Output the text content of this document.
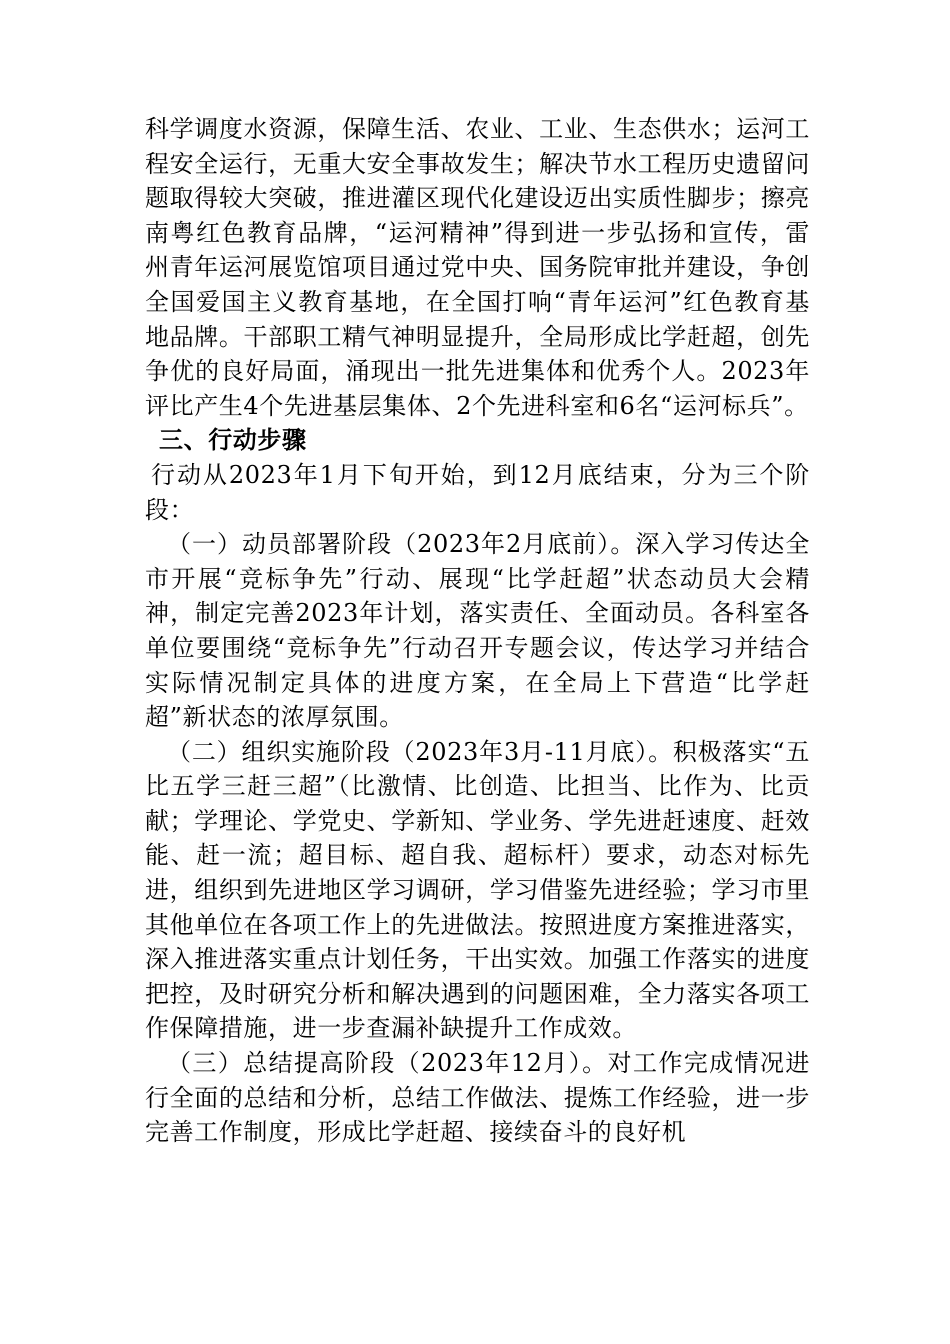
科学调度水资源，保障生活、农业、工业、生态供水；运河工程安全运行，无重大安全事故发生；解决节水工程历史遗留问题取得较大突破，推进灌区现代化建设迈出实质性脚步；擦亮南粤红色教育品牌，“运河精神”得到进一步弘扬和宣传，雷州青年运河展览馆项目通过党中央、国务院审批并建设，争创全国爱国主义教育基地，在全国打响“青年运河”红色教育基地品牌。干部职工精气神明显提升，全局形成比学赶超，创先争优的良好局面，涌现出一批先进集体和优秀个人。2023年评比产生4个先进基层集体、2个先进科室和6名“运河标兵”。

三、行动步骤

行动从2023年1月下旬开始，到12月底结束，分为三个阶段：

（一）动员部署阶段（2023年2月底前）。深入学习传达全市开展“竞标争先”行动、展现“比学赶超”状态动员大会精神，制定完善2023年计划，落实责任、全面动员。各科室各单位要围绕“竞标争先”行动召开专题会议，传达学习并结合实际情况制定具体的进度方案，在全局上下营造“比学赶超”新状态的浓厚氛围。

（二）组织实施阶段（2023年3月-11月底）。积极落实“五比五学三赶三超”（比激情、比创造、比担当、比作为、比贡献；学理论、学党史、学新知、学业务、学先进赶速度、赶效能、赶一流；超目标、超自我、超标杆）要求，动态对标先进，组织到先进地区学习调研，学习借鉴先进经验；学习市里其他单位在各项工作上的先进做法。按照进度方案推进落实，深入推进落实重点计划任务，干出实效。加强工作落实的进度把控，及时研究分析和解决遇到的问题困难，全力落实各项工作保障措施，进一步查漏补缺提升工作成效。

（三）总结提高阶段（2023年12月）。对工作完成情况进行全面的总结和分析，总结工作做法、提炼工作经验，进一步完善工作制度，形成比学赶超、接续奋斗的良好机
